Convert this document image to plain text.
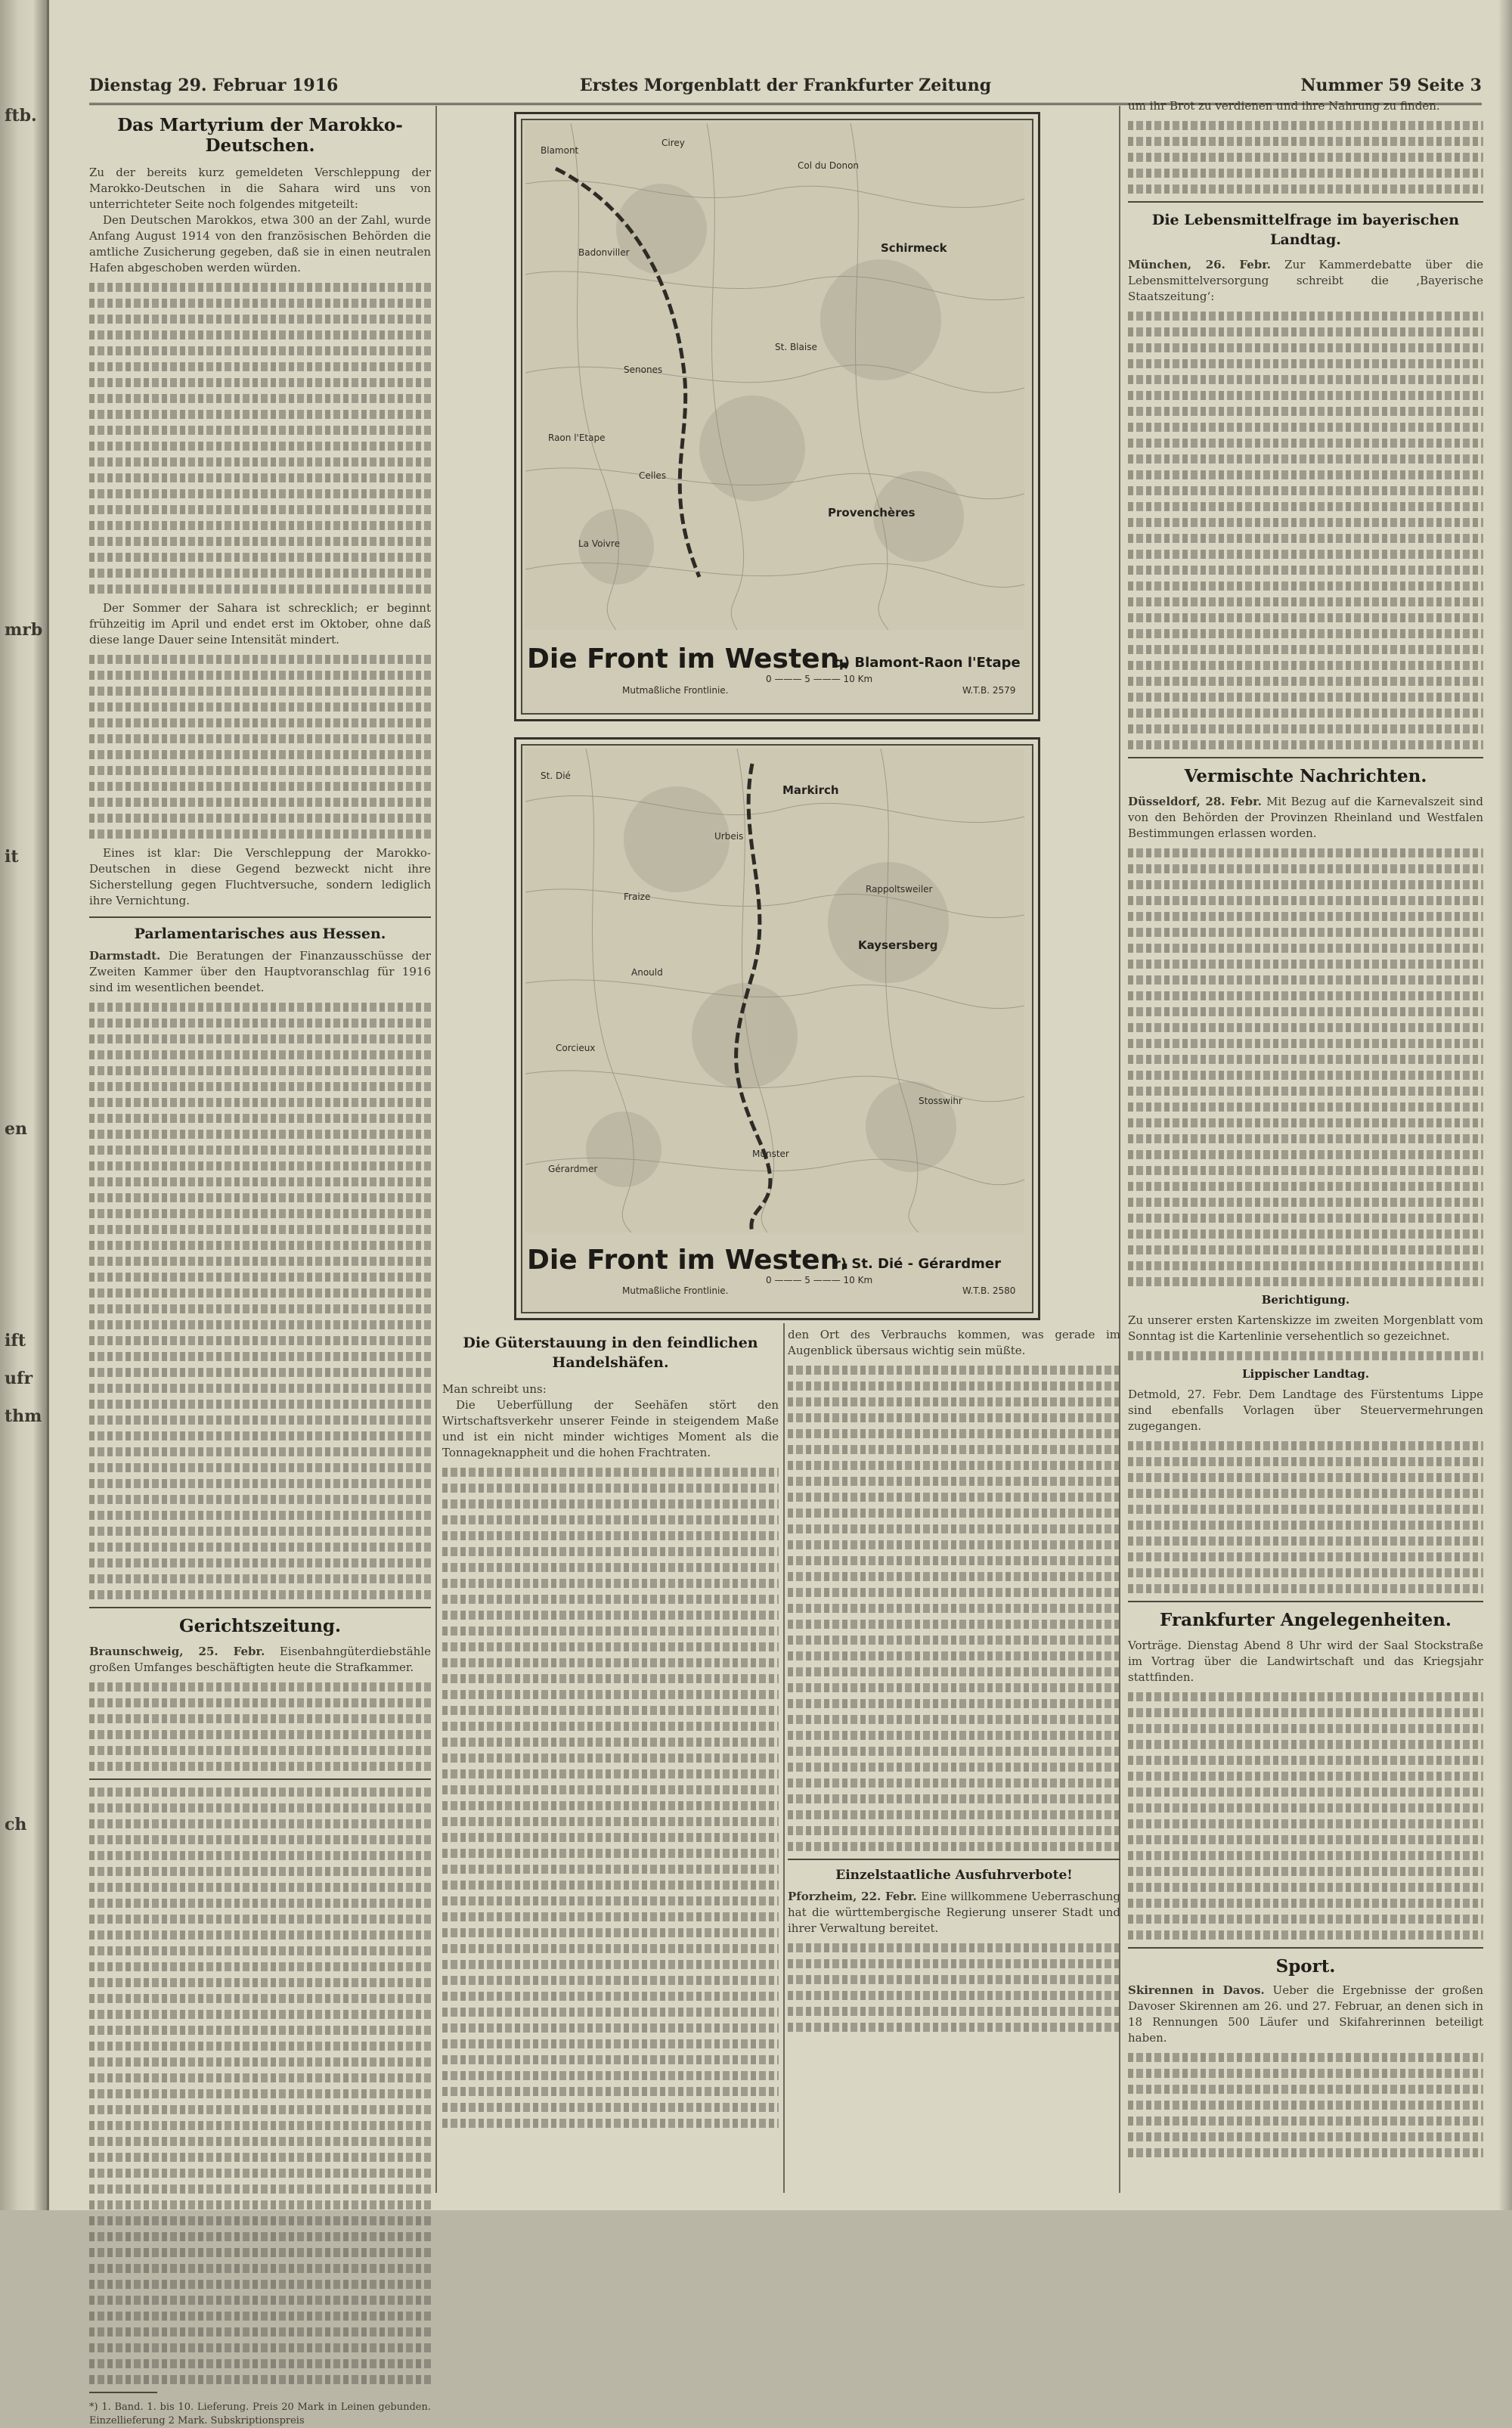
ftb.
mrb
it
en
ift
ufr
thm
ch
Dienstag 29. Februar 1916	Erstes Morgenblatt der Frankfurter Zeitung	Nummer 59 Seite 3
Das Martyrium der Marokko-Deutschen.
Zu der bereits kurz gemeldeten Verschleppung der Marokko-Deutschen in die Sahara wird uns von unterrichteter Seite noch folgendes mitgeteilt:
Den Deutschen Marokkos, etwa 300 an der Zahl, wurde Anfang August 1914 von den französischen Behörden die amtliche Zusicherung gegeben, daß sie in einen neutralen Hafen abgeschoben werden würden.
Der Sommer der Sahara ist schrecklich; er beginnt frühzeitig im April und endet erst im Oktober, ohne daß diese lange Dauer seine Intensität mindert.
Eines ist klar: Die Verschleppung der Marokko-Deutschen in diese Gegend bezweckt nicht ihre Sicherstellung gegen Fluchtversuche, sondern lediglich ihre Vernichtung.
Parlamentarisches aus Hessen.
Darmstadt. Die Beratungen der Finanzausschüsse der Zweiten Kammer über den Hauptvoranschlag für 1916 sind im wesentlichen beendet.
Gerichtszeitung.
Braunschweig, 25. Febr. Eisenbahngüterdiebstähle großen Umfanges beschäftigten heute die Strafkammer.
*) 1. Band. 1. bis 10. Lieferung. Preis 20 Mark in Leinen gebunden. Einzellieferung 2 Mark. Subskriptionspreis
Blamont
Cirey
Badonviller	Schirmeck
Senones
Raon l'Etape
Provenchères
Col du Donon
St. Blaise
Celles
La Voivre
Die Front im Westen.
q) Blamont-Raon l'Etape
Mutmaßliche Frontlinie.
0 ——— 5 ——— 10 Km
W.T.B. 2579
St. Dié
Markirch
Rappoltsweiler
Kaysersberg
Gérardmer
Münster
Fraize
Anould
Corcieux
Urbeis
Stosswihr
Die Front im Westen.
r) St. Dié - Gérardmer
Mutmaßliche Frontlinie.
0 ——— 5 ——— 10 Km
W.T.B. 2580
Die Güterstauung in den feindlichen Handelshäfen.
Man schreibt uns:
Die Ueberfüllung der Seehäfen stört den Wirtschaftsverkehr unserer Feinde in steigendem Maße und ist ein nicht minder wichtiges Moment als die Tonnageknappheit und die hohen Frachtraten.
den Ort des Verbrauchs kommen, was gerade im Augenblick übersaus wichtig sein müßte.
Einzelstaatliche Ausfuhrverbote!
Pforzheim, 22. Febr. Eine willkommene Ueberraschung hat die württembergische Regierung unserer Stadt und ihrer Verwaltung bereitet.
um ihr Brot zu verdienen und ihre Nahrung zu finden.
Die Lebensmittelfrage im bayerischen Landtag.
München, 26. Febr. Zur Kammerdebatte über die Lebensmittelversorgung schreibt die ‚Bayerische Staatszeitung‘:
Vermischte Nachrichten.
Düsseldorf, 28. Febr. Mit Bezug auf die Karnevalszeit sind von den Behörden der Provinzen Rheinland und Westfalen Bestimmungen erlassen worden.
Berichtigung.
Zu unserer ersten Kartenskizze im zweiten Morgenblatt vom Sonntag ist die Kartenlinie versehentlich so gezeichnet.
Lippischer Landtag.
Detmold, 27. Febr. Dem Landtage des Fürstentums Lippe sind ebenfalls Vorlagen über Steuervermehrungen zugegangen.
Frankfurter Angelegenheiten.
Vorträge. Dienstag Abend 8 Uhr wird der Saal Stockstraße im Vortrag über die Landwirtschaft und das Kriegsjahr stattfinden.
Sport.
Skirennen in Davos. Ueber die Ergebnisse der großen Davoser Skirennen am 26. und 27. Februar, an denen sich in 18 Rennungen 500 Läufer und Skifahrerinnen beteiligt haben.
